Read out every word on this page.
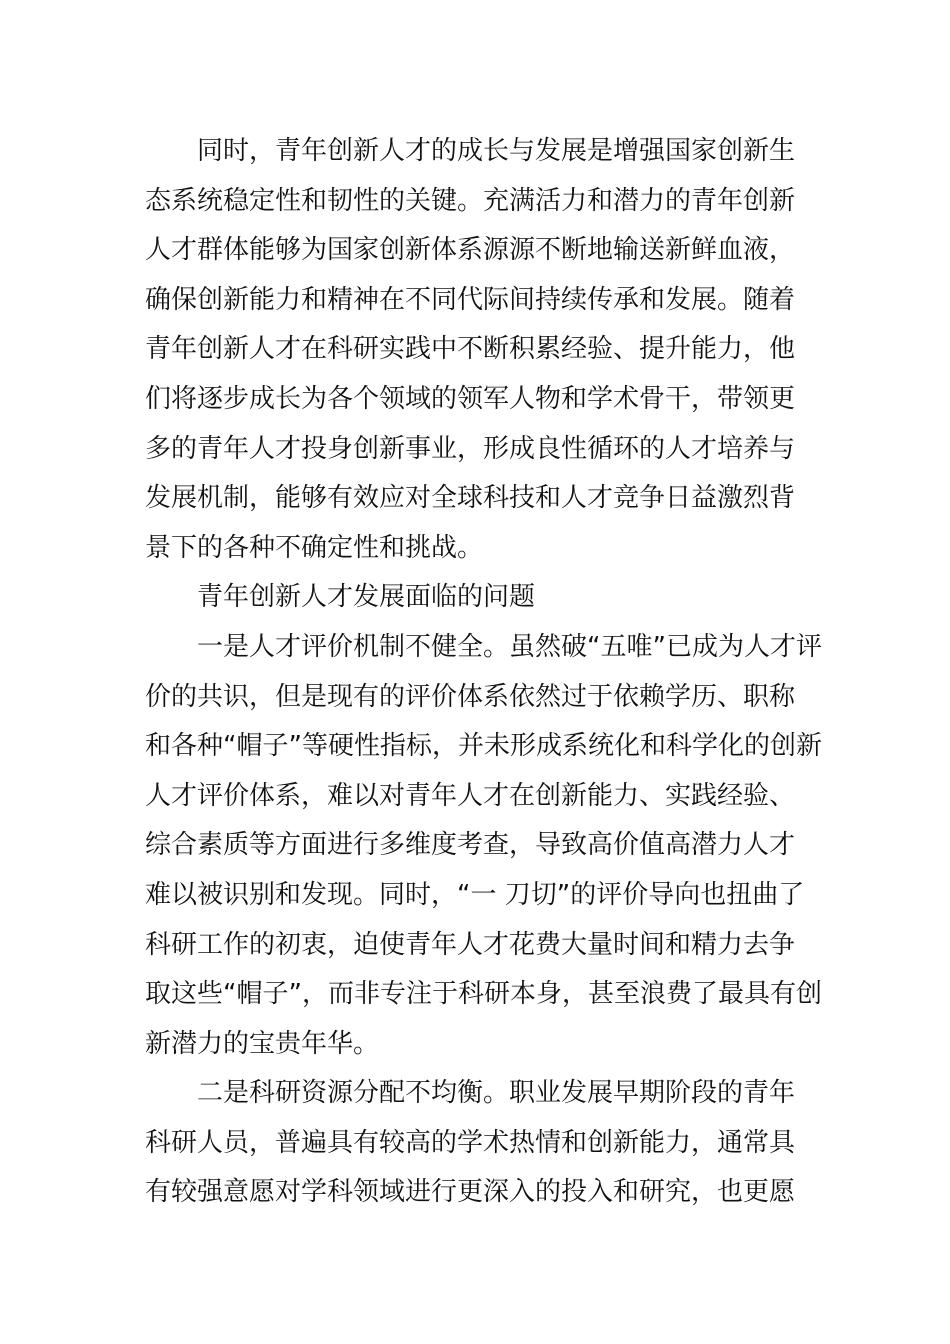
同时，青年创新人才的成长与发展是增强国家创新生
态系统稳定性和韧性的关键。充满活力和潜力的青年创新
人才群体能够为国家创新体系源源不断地输送新鲜血液，
确保创新能力和精神在不同代际间持续传承和发展。随着
青年创新人才在科研实践中不断积累经验、提升能力，他
们将逐步成长为各个领域的领军人物和学术骨干，带领更
多的青年人才投身创新事业，形成良性循环的人才培养与
发展机制，能够有效应对全球科技和人才竞争日益激烈背
景下的各种不确定性和挑战。
青年创新人才发展面临的问题
一是人才评价机制不健全。虽然破“五唯”已成为人才评
价的共识，但是现有的评价体系依然过于依赖学历、职称
和各种“帽子”等硬性指标，并未形成系统化和科学化的创新
人才评价体系，难以对青年人才在创新能力、实践经验、
综合素质等方面进行多维度考查，导致高价值高潜力人才
难以被识别和发现。同时，“一 刀切”的评价导向也扭曲了
科研工作的初衷，迫使青年人才花费大量时间和精力去争
取这些“帽子”，而非专注于科研本身，甚至浪费了最具有创
新潜力的宝贵年华。
二是科研资源分配不均衡。职业发展早期阶段的青年
科研人员，普遍具有较高的学术热情和创新能力，通常具
有较强意愿对学科领域进行更深入的投入和研究，也更愿
